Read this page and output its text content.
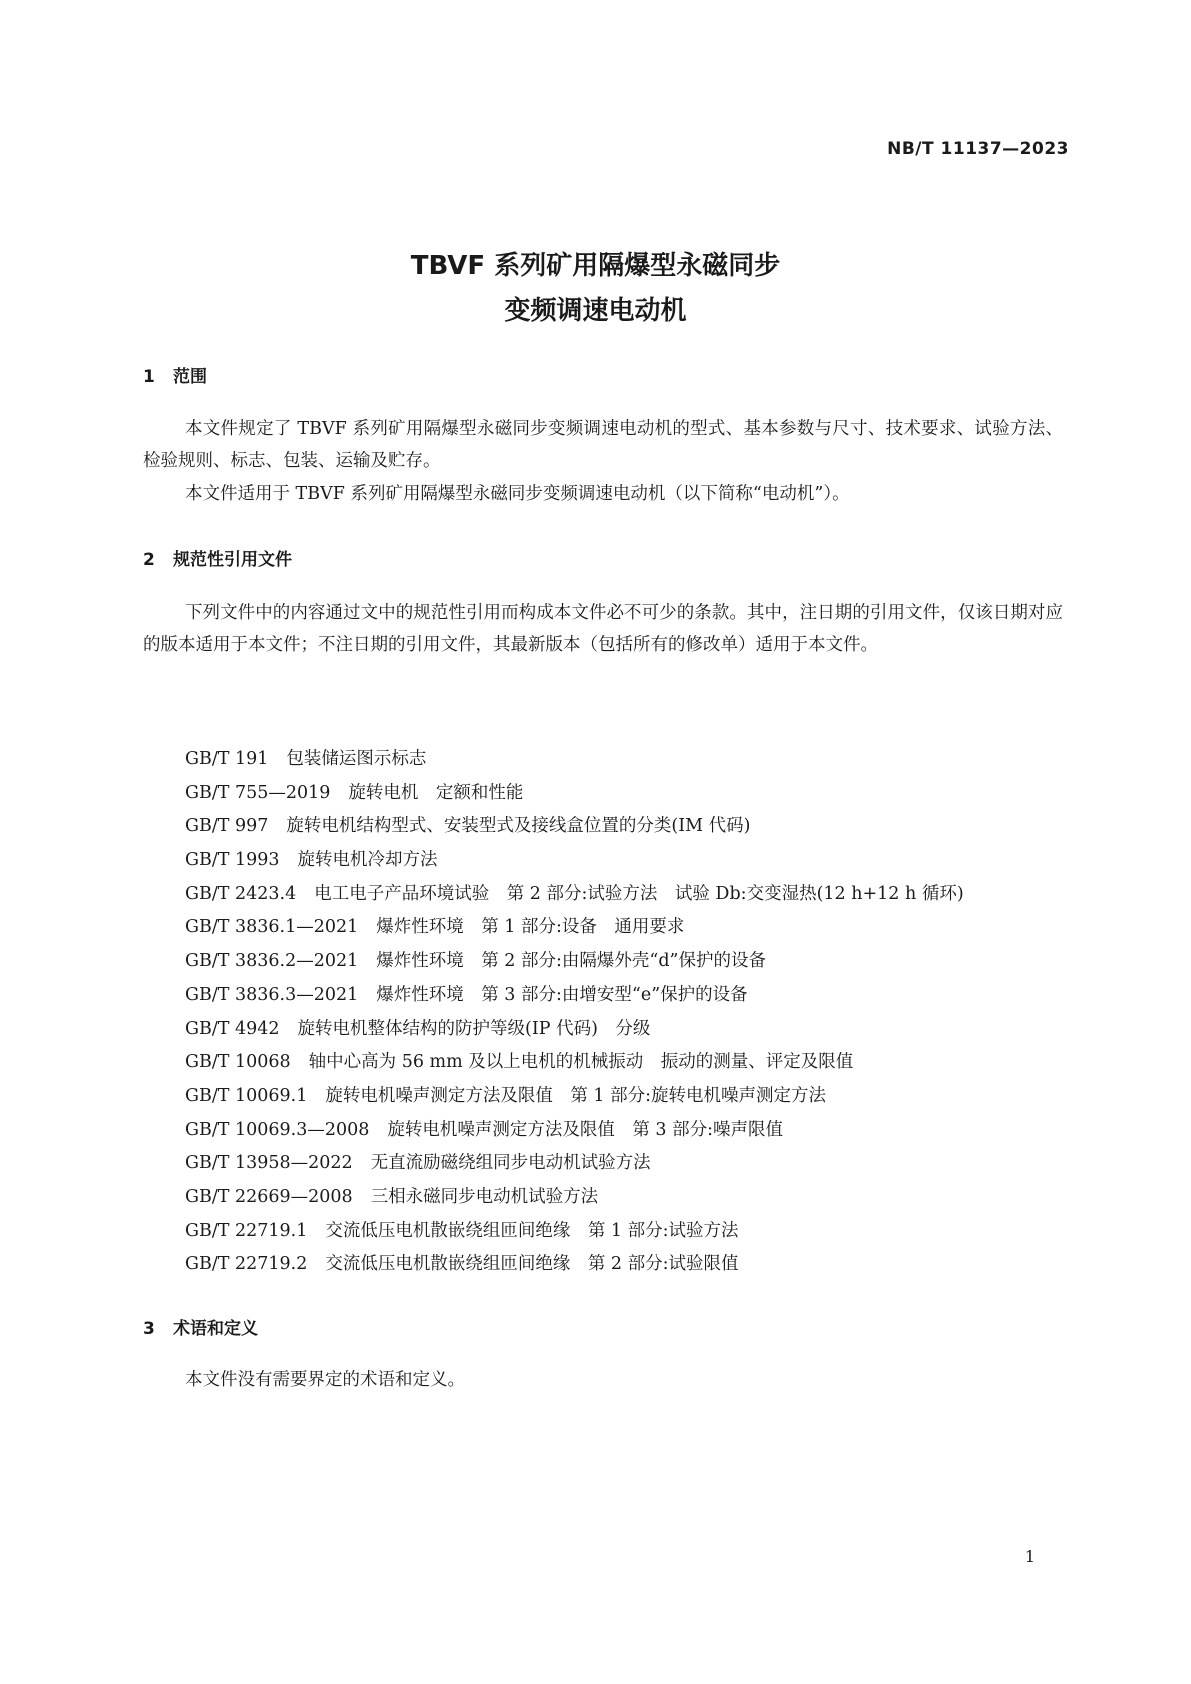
NB/T 11137—2023
TBVF 系列矿用隔爆型永磁同步
变频调速电动机
1 范围
本文件规定了 TBVF 系列矿用隔爆型永磁同步变频调速电动机的型式、基本参数与尺寸、技术要求、试验方法、检验规则、标志、包装、运输及贮存。
本文件适用于 TBVF 系列矿用隔爆型永磁同步变频调速电动机（以下简称“电动机”）。
2 规范性引用文件
下列文件中的内容通过文中的规范性引用而构成本文件必不可少的条款。其中，注日期的引用文件，仅该日期对应的版本适用于本文件；不注日期的引用文件，其最新版本（包括所有的修改单）适用于本文件。
GB/T 191 包装储运图示标志
GB/T 755—2019 旋转电机　定额和性能
GB/T 997 旋转电机结构型式、安装型式及接线盒位置的分类(IM 代码)
GB/T 1993 旋转电机冷却方法
GB/T 2423.4 电工电子产品环境试验　第 2 部分:试验方法　试验 Db:交变湿热(12 h+12 h 循环)
GB/T 3836.1—2021 爆炸性环境　第 1 部分:设备　通用要求
GB/T 3836.2—2021 爆炸性环境　第 2 部分:由隔爆外壳“d”保护的设备
GB/T 3836.3—2021 爆炸性环境　第 3 部分:由增安型“e”保护的设备
GB/T 4942 旋转电机整体结构的防护等级(IP 代码)　分级
GB/T 10068 轴中心高为 56 mm 及以上电机的机械振动　振动的测量、评定及限值
GB/T 10069.1 旋转电机噪声测定方法及限值　第 1 部分:旋转电机噪声测定方法
GB/T 10069.3—2008 旋转电机噪声测定方法及限值　第 3 部分:噪声限值
GB/T 13958—2022 无直流励磁绕组同步电动机试验方法
GB/T 22669—2008 三相永磁同步电动机试验方法
GB/T 22719.1 交流低压电机散嵌绕组匝间绝缘　第 1 部分:试验方法
GB/T 22719.2 交流低压电机散嵌绕组匝间绝缘　第 2 部分:试验限值
3 术语和定义
本文件没有需要界定的术语和定义。
1
